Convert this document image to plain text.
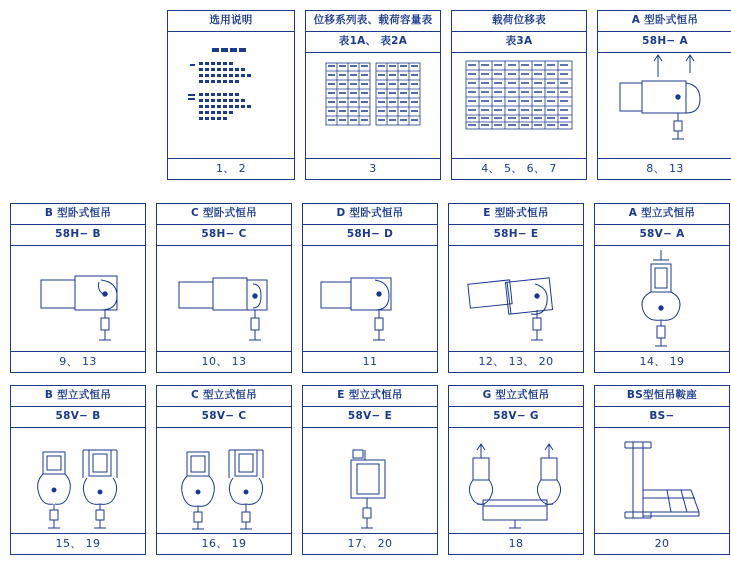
选用说明
1、 2
位移系列表、载荷容量表
表1A、 表2A
3
载荷位移表
表3A
4、 5、 6、 7
A 型卧式恒吊
58H− A
8、 13
B 型卧式恒吊
58H− B
9、 13
C 型卧式恒吊
58H− C
10、 13
D 型卧式恒吊
58H− D
11
E 型卧式恒吊
58H− E
12、 13、 20
A 型立式恒吊
58V− A
14、 19
B 型立式恒吊
58V− B
15、 19
C 型立式恒吊
58V− C
16、 19
E 型立式恒吊
58V− E
17、 20
G 型立式恒吊
58V− G
18
BS型恒吊鞍座
BS−
20
